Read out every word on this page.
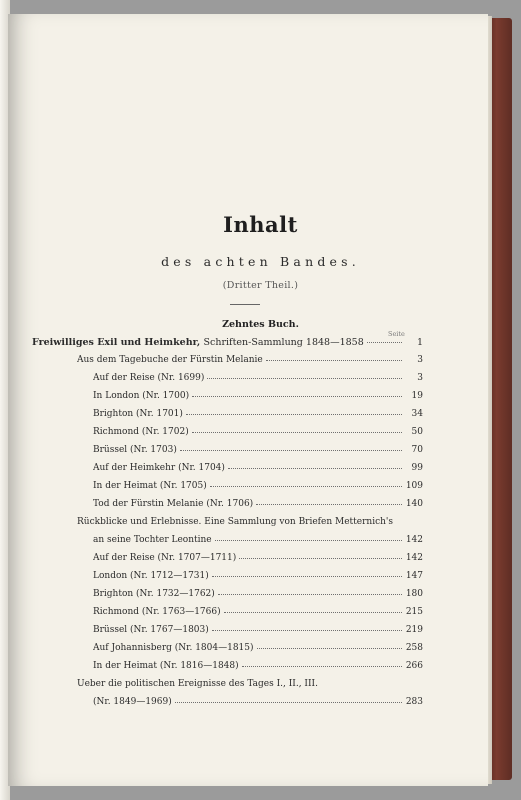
Inhalt
des achten Bandes.
(Dritter Theil.)
Zehntes Buch.
Seite
Freiwilliges Exil und Heimkehr, Schriften-Sammlung 1848—1858	1
Aus dem Tagebuche der Fürstin Melanie	3
Auf der Reise (Nr. 1699)	3
In London (Nr. 1700)	19
Brighton (Nr. 1701)	34
Richmond (Nr. 1702)	50
Brüssel (Nr. 1703)	70
Auf der Heimkehr (Nr. 1704)	99
In der Heimat (Nr. 1705)	109
Tod der Fürstin Melanie (Nr. 1706)	140
Rückblicke und Erlebnisse. Eine Sammlung von Briefen Metternich's
an seine Tochter Leontine	142
Auf der Reise (Nr. 1707—1711)	142
London (Nr. 1712—1731)	147
Brighton (Nr. 1732—1762)	180
Richmond (Nr. 1763—1766)	215
Brüssel (Nr. 1767—1803)	219
Auf Johannisberg (Nr. 1804—1815)	258
In der Heimat (Nr. 1816—1848)	266
Ueber die politischen Ereignisse des Tages I., II., III.
(Nr. 1849—1969)	283
